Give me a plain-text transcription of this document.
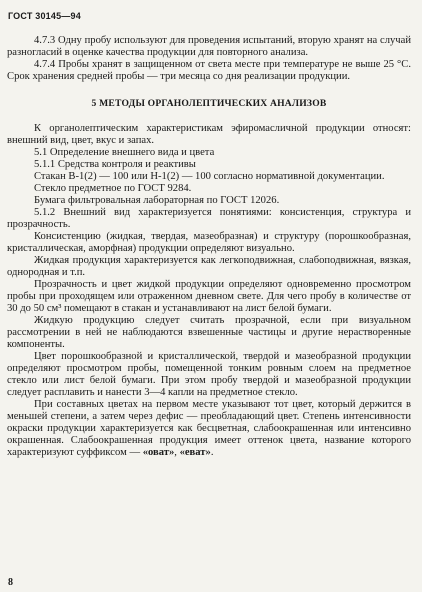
ГОСТ 30145—94

4.7.3 Одну пробу используют для проведения испытаний, вторую хранят на случай разногласий в оценке качества продукции для повторного анализа.

4.7.4 Пробы хранят в защищенном от света месте при температуре не выше 25 °С. Срок хранения средней пробы — три месяца со дня реализации продукции.

5 МЕТОДЫ ОРГАНОЛЕПТИЧЕСКИХ АНАЛИЗОВ

К органолептическим характеристикам эфиромасличной продукции относят: внешний вид, цвет, вкус и запах.

5.1 Определение внешнего вида и цвета

5.1.1 Средства контроля и реактивы

Стакан В-1(2) — 100 или Н-1(2) — 100 согласно нормативной документации.

Стекло предметное по ГОСТ 9284.

Бумага фильтровальная лабораторная по ГОСТ 12026.

5.1.2 Внешний вид характеризуется понятиями: консистенция, структура и прозрачность.

Консистенцию (жидкая, твердая, мазеобразная) и структуру (порошкообразная, кристаллическая, аморфная) продукции определяют визуально.

Жидкая продукция характеризуется как легкоподвижная, слабоподвижная, вязкая, однородная и т.п.

Прозрачность и цвет жидкой продукции определяют одновременно просмотром пробы при проходящем или отраженном дневном свете. Для чего пробу в количестве от 30 до 50 см³ помещают в стакан и устанавливают на лист белой бумаги.

Жидкую продукцию следует считать прозрачной, если при визуальном рассмотрении в ней не наблюдаются взвешенные частицы и другие нерастворенные компоненты.

Цвет порошкообразной и кристаллической, твердой и мазеобразной продукции определяют просмотром пробы, помещенной тонким ровным слоем на предметное стекло или лист белой бумаги. При этом пробу твердой и мазеобразной продукции следует расплавить и нанести 3—4 капли на предметное стекло.

При составных цветах на первом месте указывают тот цвет, который держится в меньшей степени, а затем через дефис — преобладающий цвет. Степень интенсивности окраски продукции характеризуется как бесцветная, слабоокрашенная или интенсивно окрашенная. Слабоокрашенная продукция имеет оттенок цвета, название которого характеризуют суффиксом — «оват», «еват».

8
